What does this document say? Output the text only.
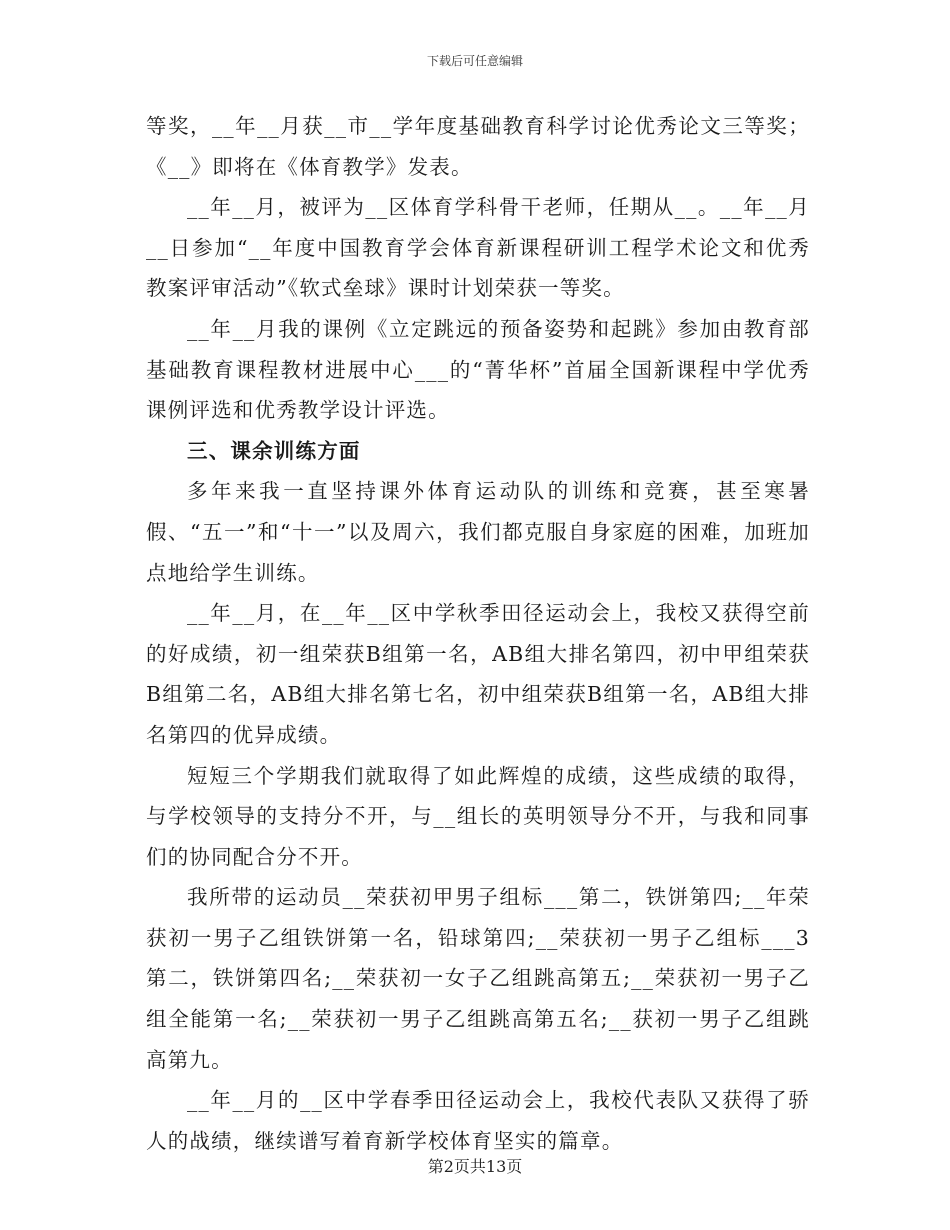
下载后可任意编辑

等奖，__年__月获__市__学年度基础教育科学讨论优秀论文三等奖；《__》即将在《体育教学》发表。

__年__月，被评为__区体育学科骨干老师，任期从__。__年__月__日参加“__年度中国教育学会体育新课程研训工程学术论文和优秀教案评审活动”《软式垒球》课时计划荣获一等奖。

__年__月我的课例《立定跳远的预备姿势和起跳》参加由教育部基础教育课程教材进展中心___的“菁华杯”首届全国新课程中学优秀课例评选和优秀教学设计评选。

三、课余训练方面

多年来我一直坚持课外体育运动队的训练和竞赛，甚至寒暑假、“五一”和“十一”以及周六，我们都克服自身家庭的困难，加班加点地给学生训练。

__年__月，在__年__区中学秋季田径运动会上，我校又获得空前的好成绩，初一组荣获B组第一名，AB组大排名第四，初中甲组荣获B组第二名，AB组大排名第七名，初中组荣获B组第一名，AB组大排名第四的优异成绩。

短短三个学期我们就取得了如此辉煌的成绩，这些成绩的取得，与学校领导的支持分不开，与__组长的英明领导分不开，与我和同事们的协同配合分不开。

我所带的运动员__荣获初甲男子组标___第二，铁饼第四;__年荣获初一男子乙组铁饼第一名，铅球第四;__荣获初一男子乙组标___3第二，铁饼第四名;__荣获初一女子乙组跳高第五;__荣获初一男子乙组全能第一名;__荣获初一男子乙组跳高第五名;__获初一男子乙组跳高第九。

__年__月的__区中学春季田径运动会上，我校代表队又获得了骄人的战绩，继续谱写着育新学校体育坚实的篇章。

第2页共13页
